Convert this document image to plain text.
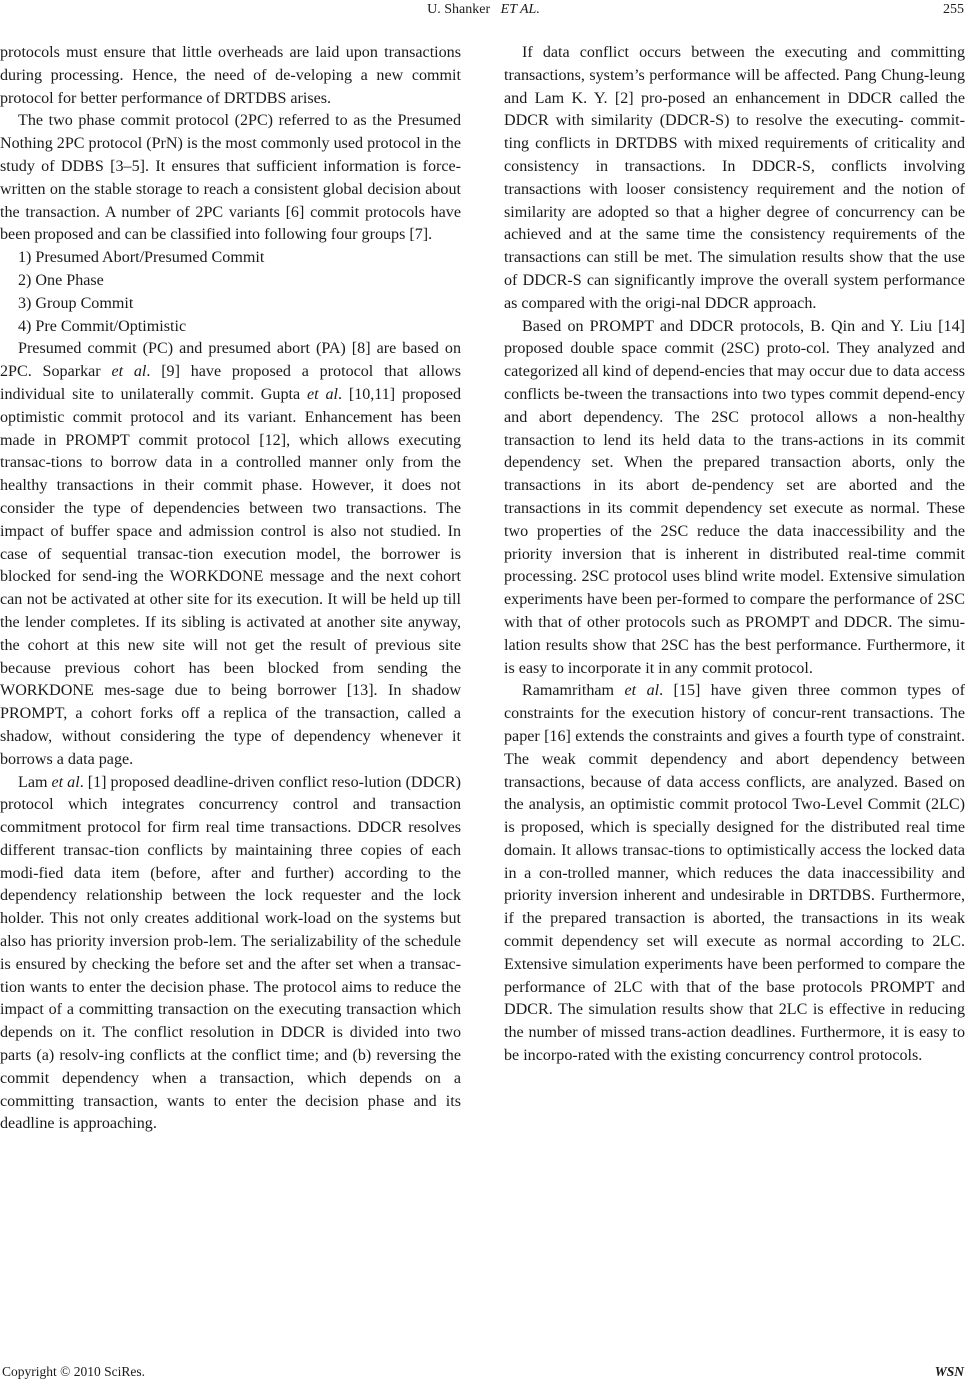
U. Shanker ET AL.	255

protocols must ensure that little overheads are laid upon transactions during processing. Hence, the need of de-veloping a new commit protocol for better performance of DRTDBS arises.

The two phase commit protocol (2PC) referred to as the Presumed Nothing 2PC protocol (PrN) is the most commonly used protocol in the study of DDBS [3–5]. It ensures that sufficient information is force-written on the stable storage to reach a consistent global decision about the transaction. A number of 2PC variants [6] commit protocols have been proposed and can be classified into following four groups [7].

1) Presumed Abort/Presumed Commit

2) One Phase

3) Group Commit

4) Pre Commit/Optimistic

Presumed commit (PC) and presumed abort (PA) [8] are based on 2PC. Soparkar et al. [9] have proposed a protocol that allows individual site to unilaterally commit. Gupta et al. [10,11] proposed optimistic commit protocol and its variant. Enhancement has been made in PROMPT commit protocol [12], which allows executing transac-tions to borrow data in a controlled manner only from the healthy transactions in their commit phase. However, it does not consider the type of dependencies between two transactions. The impact of buffer space and admission control is also not studied. In case of sequential transac-tion execution model, the borrower is blocked for send-ing the WORKDONE message and the next cohort can not be activated at other site for its execution. It will be held up till the lender completes. If its sibling is activated at another site anyway, the cohort at this new site will not get the result of previous site because previous cohort has been blocked from sending the WORKDONE mes-sage due to being borrower [13]. In shadow PROMPT, a cohort forks off a replica of the transaction, called a shadow, without considering the type of dependency whenever it borrows a data page.

Lam et al. [1] proposed deadline-driven conflict reso-lution (DDCR) protocol which integrates concurrency control and transaction commitment protocol for firm real time transactions. DDCR resolves different transac-tion conflicts by maintaining three copies of each modi-fied data item (before, after and further) according to the dependency relationship between the lock requester and the lock holder. This not only creates additional work-load on the systems but also has priority inversion prob-lem. The serializability of the schedule is ensured by checking the before set and the after set when a transac-tion wants to enter the decision phase. The protocol aims to reduce the impact of a committing transaction on the executing transaction which depends on it. The conflict resolution in DDCR is divided into two parts (a) resolv-ing conflicts at the conflict time; and (b) reversing the commit dependency when a transaction, which depends on a committing transaction, wants to enter the decision phase and its deadline is approaching.

If data conflict occurs between the executing and committing transactions, system’s performance will be affected. Pang Chung-leung and Lam K. Y. [2] pro-posed an enhancement in DDCR called the DDCR with similarity (DDCR-S) to resolve the executing- commit-ting conflicts in DRTDBS with mixed requirements of criticality and consistency in transactions. In DDCR-S, conflicts involving transactions with looser consistency requirement and the notion of similarity are adopted so that a higher degree of concurrency can be achieved and at the same time the consistency requirements of the transactions can still be met. The simulation results show that the use of DDCR-S can significantly improve the overall system performance as compared with the origi-nal DDCR approach.

Based on PROMPT and DDCR protocols, B. Qin and Y. Liu [14] proposed double space commit (2SC) proto-col. They analyzed and categorized all kind of depend-encies that may occur due to data access conflicts be-tween the transactions into two types commit depend-ency and abort dependency. The 2SC protocol allows a non-healthy transaction to lend its held data to the trans-actions in its commit dependency set. When the prepared transaction aborts, only the transactions in its abort de-pendency set are aborted and the transactions in its commit dependency set execute as normal. These two properties of the 2SC reduce the data inaccessibility and the priority inversion that is inherent in distributed real-time commit processing. 2SC protocol uses blind write model. Extensive simulation experiments have been per-formed to compare the performance of 2SC with that of other protocols such as PROMPT and DDCR. The simu-lation results show that 2SC has the best performance. Furthermore, it is easy to incorporate it in any commit protocol.

Ramamritham et al. [15] have given three common types of constraints for the execution history of concur-rent transactions. The paper [16] extends the constraints and gives a fourth type of constraint. The weak commit dependency and abort dependency between transactions, because of data access conflicts, are analyzed. Based on the analysis, an optimistic commit protocol Two-Level Commit (2LC) is proposed, which is specially designed for the distributed real time domain. It allows transac-tions to optimistically access the locked data in a con-trolled manner, which reduces the data inaccessibility and priority inversion inherent and undesirable in DRTDBS. Furthermore, if the prepared transaction is aborted, the transactions in its weak commit dependency set will execute as normal according to 2LC. Extensive simulation experiments have been performed to compare the performance of 2LC with that of the base protocols PROMPT and DDCR. The simulation results show that 2LC is effective in reducing the number of missed trans-action deadlines. Furthermore, it is easy to be incorpo-rated with the existing concurrency control protocols.

Copyright © 2010 SciRes.	WSN
